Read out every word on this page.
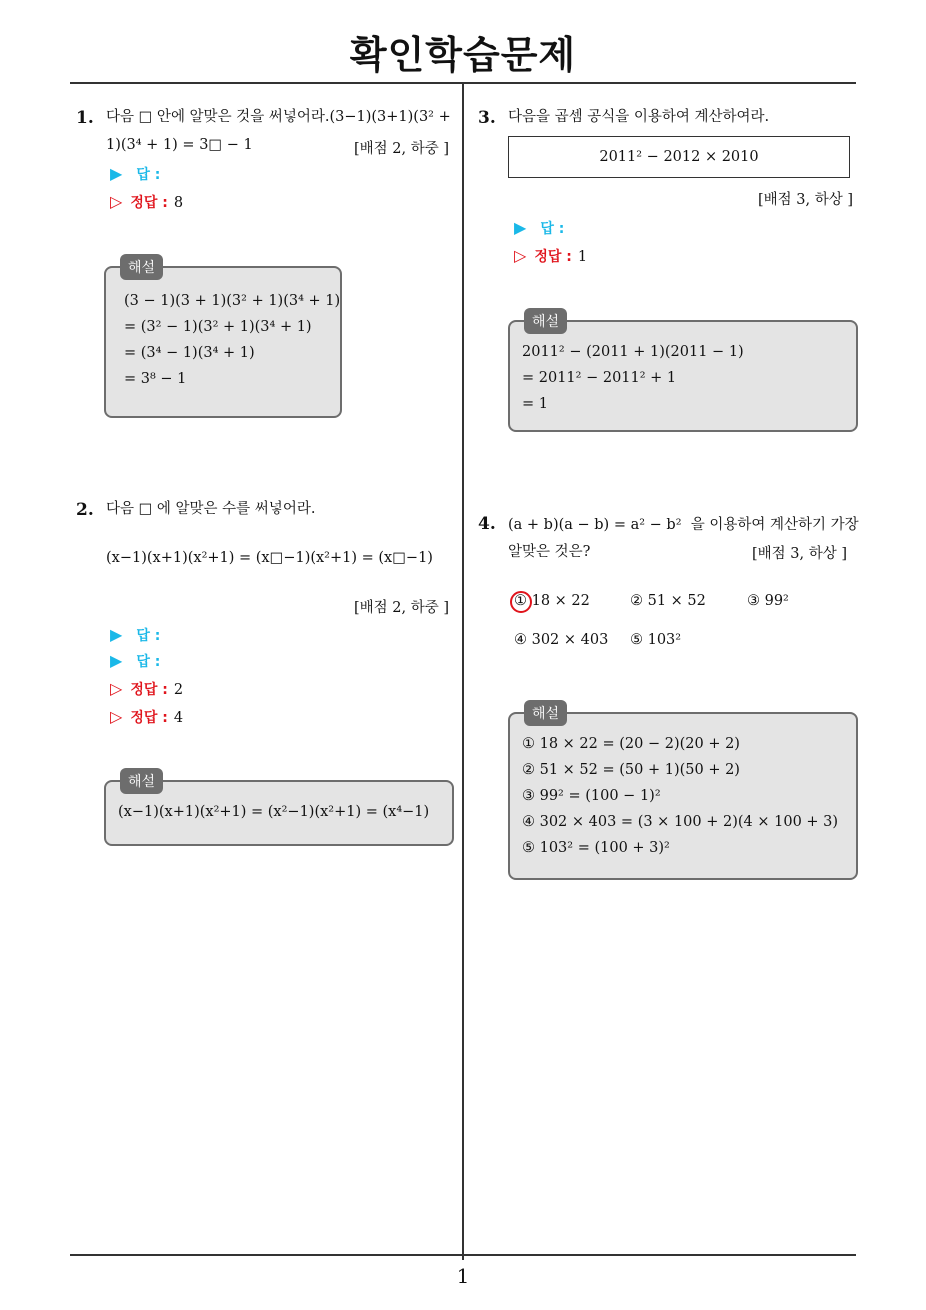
확인학습문제
1
1. 다음 □ 안에 알맞은 것을 써넣어라.(3−1)(3+1)(3² +
1)(3⁴ + 1) = 3□ − 1	[배점 2, 하중 ]
▶ 답 :
▷ 정답 : 8
해설
(3 − 1)(3 + 1)(3² + 1)(3⁴ + 1)
= (3² − 1)(3² + 1)(3⁴ + 1)
= (3⁴ − 1)(3⁴ + 1)
= 3⁸ − 1
2. 다음 □ 에 알맞은 수를 써넣어라.
(x−1)(x+1)(x²+1) = (x□−1)(x²+1) = (x□−1)
[배점 2, 하중 ]
▶ 답 :
▶ 답 :
▷ 정답 : 2
▷ 정답 : 4
해설
(x−1)(x+1)(x²+1) = (x²−1)(x²+1) = (x⁴−1)
3. 다음을 곱셈 공식을 이용하여 계산하여라.
2011² − 2012 × 2010
[배점 3, 하상 ]
▶ 답 :
▷ 정답 : 1
해설
2011² − (2011 + 1)(2011 − 1)
= 2011² − 2011² + 1
= 1
4. (a + b)(a − b) = a² − b² 을 이용하여 계산하기 가장
알맞은 것은?	[배점 3, 하상 ]
① 18 × 22	② 51 × 52	③ 99²
④ 302 × 403 ⑤ 103²
해설
① 18 × 22 = (20 − 2)(20 + 2)
② 51 × 52 = (50 + 1)(50 + 2)
③ 99² = (100 − 1)²
④ 302 × 403 = (3 × 100 + 2)(4 × 100 + 3)
⑤ 103² = (100 + 3)²
